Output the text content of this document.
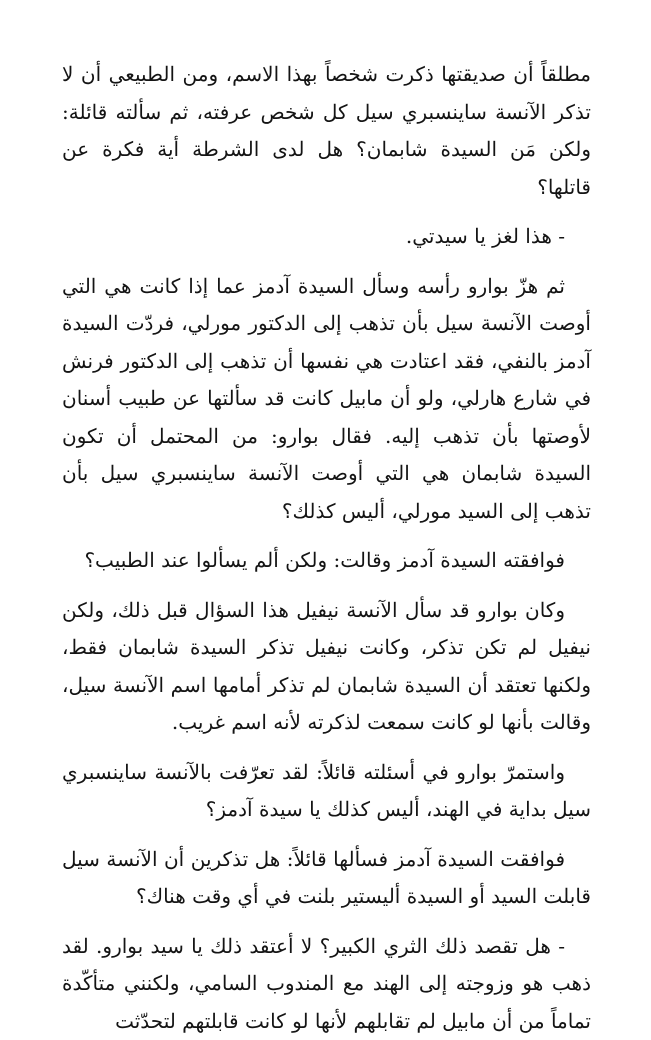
مطلقاً أن صديقتها ذكرت شخصاً بهذا الاسم، ومن الطبيعي أن لا تذكر الآنسة ساينسبري سيل كل شخص عرفته، ثم سألته قائلة: ولكن مَن السيدة شابمان؟ هل لدى الشرطة أية فكرة عن قاتلها؟

- هذا لغز يا سيدتي.

ثم هزّ بوارو رأسه وسأل السيدة آدمز عما إذا كانت هي التي أوصت الآنسة سيل بأن تذهب إلى الدكتور مورلي، فردّت السيدة آدمز بالنفي، فقد اعتادت هي نفسها أن تذهب إلى الدكتور فرنش في شارع هارلي، ولو أن مابيل كانت قد سألتها عن طبيب أسنان لأوصتها بأن تذهب إليه. فقال بوارو: من المحتمل أن تكون السيدة شابمان هي التي أوصت الآنسة ساينسبري سيل بأن تذهب إلى السيد مورلي، أليس كذلك؟

فوافقته السيدة آدمز وقالت: ولكن ألم يسألوا عند الطبيب؟

وكان بوارو قد سأل الآنسة نيفيل هذا السؤال قبل ذلك، ولكن نيفيل لم تكن تذكر، وكانت نيفيل تذكر السيدة شابمان فقط، ولكنها تعتقد أن السيدة شابمان لم تذكر أمامها اسم الآنسة سيل، وقالت بأنها لو كانت سمعت لذكرته لأنه اسم غريب.

واستمرّ بوارو في أسئلته قائلاً: لقد تعرّفت بالآنسة ساينسبري سيل بداية في الهند، أليس كذلك يا سيدة آدمز؟

فوافقت السيدة آدمز فسألها قائلاً: هل تذكرين أن الآنسة سيل قابلت السيد أو السيدة أليستير بلنت في أي وقت هناك؟

- هل تقصد ذلك الثري الكبير؟ لا أعتقد ذلك يا سيد بوارو. لقد ذهب هو وزوجته إلى الهند مع المندوب السامي، ولكنني متأكّدة تماماً من أن مابيل لم تقابلهم لأنها لو كانت قابلتهم لتحدّثت
